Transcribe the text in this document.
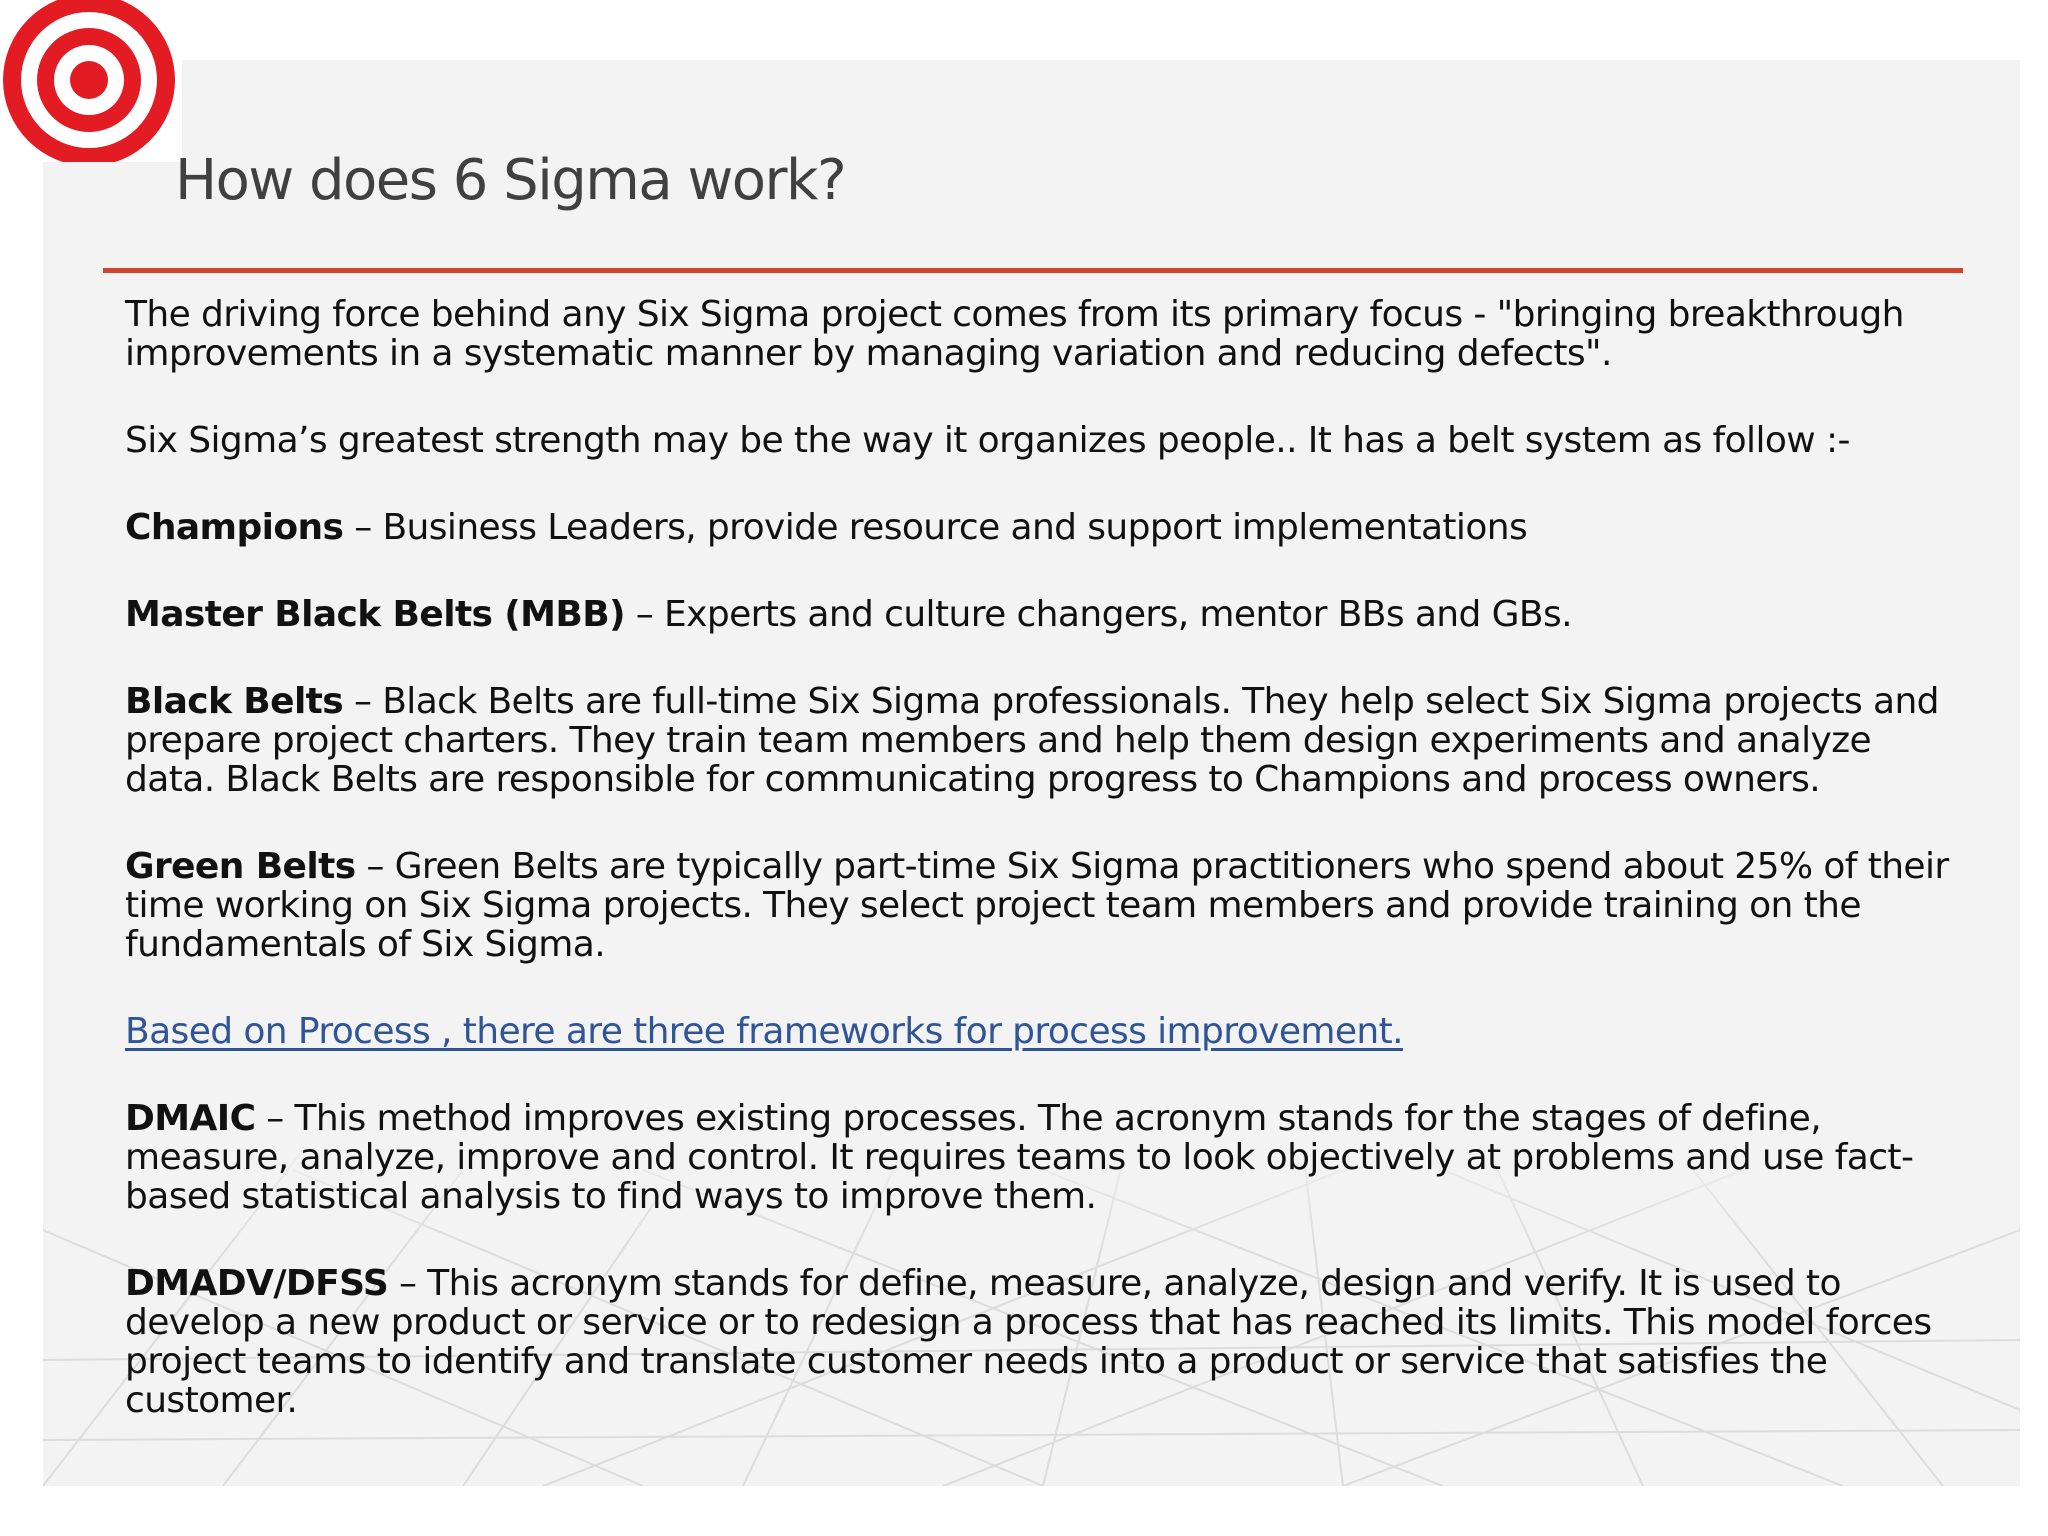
How does 6 Sigma work?

The driving force behind any Six Sigma project comes from its primary focus - "bringing breakthrough improvements in a systematic manner by managing variation and reducing defects".

Six Sigma’s greatest strength may be the way it organizes people.. It has a belt system as follow :-

Champions – Business Leaders, provide resource and support implementations

Master Black Belts (MBB) – Experts and culture changers, mentor BBs and GBs.

Black Belts – Black Belts are full-time Six Sigma professionals. They help select Six Sigma projects and prepare project charters. They train team members and help them design experiments and analyze data. Black Belts are responsible for communicating progress to Champions and process owners.

Green Belts – Green Belts are typically part-time Six Sigma practitioners who spend about 25% of their time working on Six Sigma projects. They select project team members and provide training on the fundamentals of Six Sigma.

Based on Process , there are three frameworks for process improvement.

DMAIC – This method improves existing processes. The acronym stands for the stages of define, measure, analyze, improve and control. It requires teams to look objectively at problems and use fact-based statistical analysis to find ways to improve them.

DMADV/DFSS – This acronym stands for define, measure, analyze, design and verify. It is used to develop a new product or service or to redesign a process that has reached its limits. This model forces project teams to identify and translate customer needs into a product or service that satisfies the customer.
